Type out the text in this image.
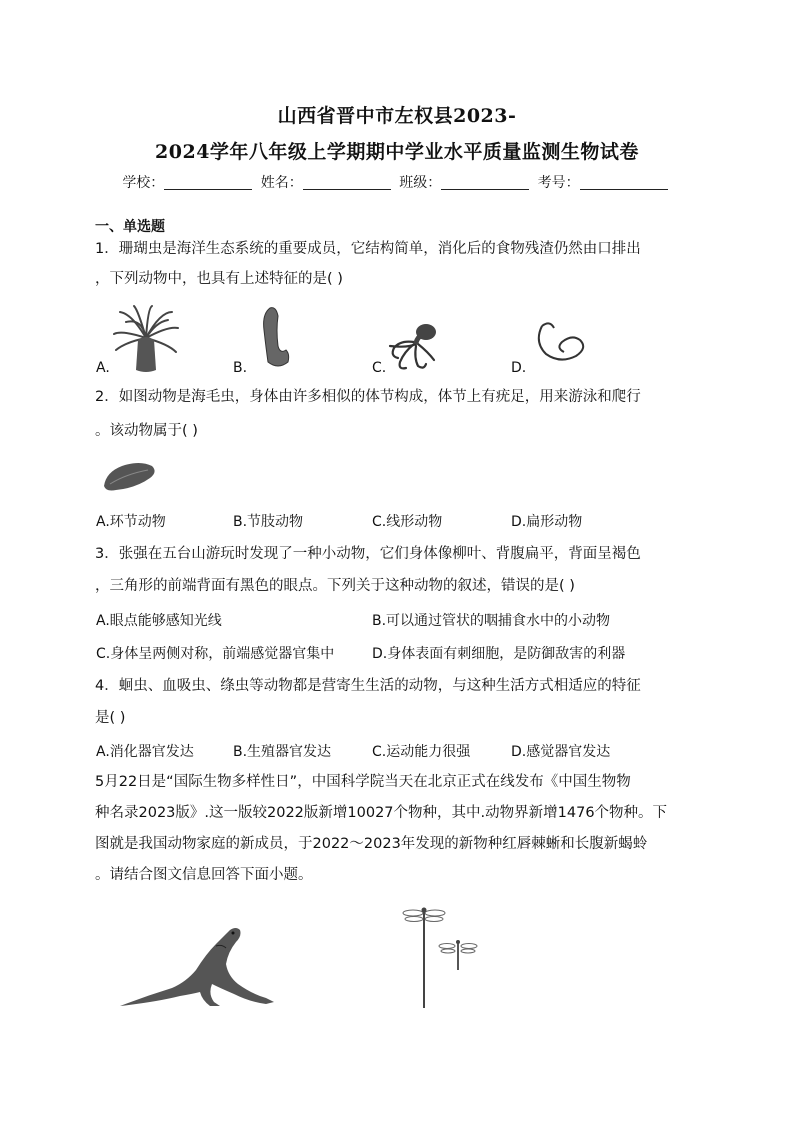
山西省晋中市左权县2023-
2024学年八年级上学期期中学业水平质量监测生物试卷
学校：	姓名：	班级：	考号：
一、单选题
1．珊瑚虫是海洋生态系统的重要成员，它结构简单，消化后的食物残渣仍然由口排出
，下列动物中，也具有上述特征的是( )
A.	B.	C.	D.
2．如图动物是海毛虫，身体由许多相似的体节构成，体节上有疣足，用来游泳和爬行
。该动物属于( )
A.环节动物	B.节肢动物	C.线形动物	D.扁形动物
3．张强在五台山游玩时发现了一种小动物，它们身体像柳叶、背腹扁平，背面呈褐色
，三角形的前端背面有黑色的眼点。下列关于这种动物的叙述，错误的是( )
A.眼点能够感知光线	B.可以通过管状的咽捕食水中的小动物
C.身体呈两侧对称，前端感觉器官集中	D.身体表面有刺细胞，是防御敌害的利器
4．蛔虫、血吸虫、绦虫等动物都是营寄生生活的动物，与这种生活方式相适应的特征
是( )
A.消化器官发达	B.生殖器官发达	C.运动能力很强	D.感觉器官发达
5月22日是“国际生物多样性日”，中国科学院当天在北京正式在线发布《中国生物物
种名录2023版》.这一版较2022版新增10027个物种，其中.动物界新增1476个物种。下
图就是我国动物家庭的新成员，于2022～2023年发现的新物种红唇棘蜥和长腹新蝎蛉
。请结合图文信息回答下面小题。
